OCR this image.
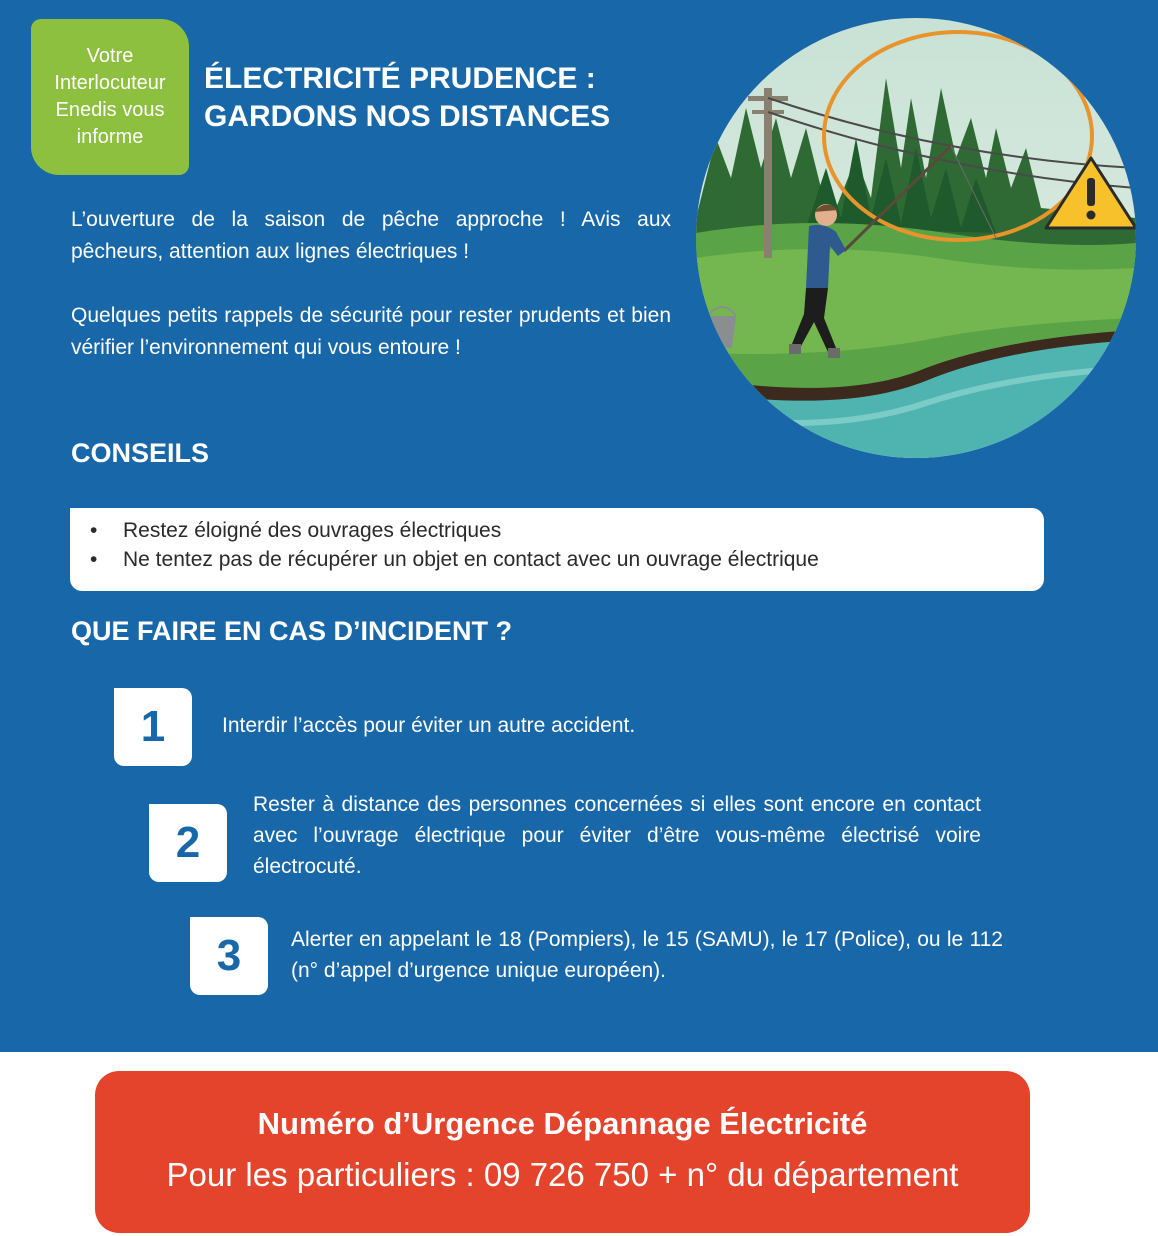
Votre
Interlocuteur
Enedis vous
informe
ÉLECTRICITÉ PRUDENCE :
GARDONS NOS DISTANCES

L’ouverture de la saison de pêche approche ! Avis aux pêcheurs, attention aux lignes électriques !

Quelques petits rappels de sécurité pour rester prudents et bien vérifier l’environnement qui vous entoure !

CONSEILS
• Restez éloigné des ouvrages électriques
• Ne tentez pas de récupérer un objet en contact avec un ouvrage électrique
QUE FAIRE EN CAS D’INCIDENT ?
1	Interdir l’accès pour éviter un autre accident.
2
Rester à distance des personnes concernées si elles sont encore en contact avec l’ouvrage électrique pour éviter d’être vous-même électrisé voire électrocuté.
3	Alerter en appelant le 18 (Pompiers), le 15 (SAMU), le 17 (Police), ou le 112 (n° d’appel d’urgence unique européen).
Numéro d’Urgence Dépannage Électricité
Pour les particuliers : 09 726 750 + n° du département
